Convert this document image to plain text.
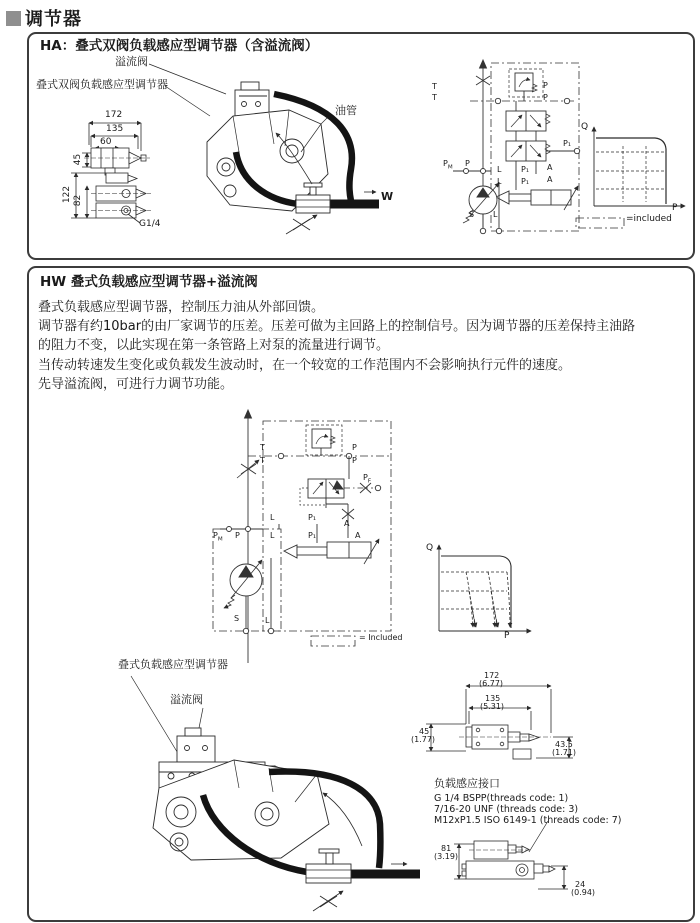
调节器
HA：叠式双阀负载感应型调节器（含溢流阀）
溢流阀
叠式双阀负载感应型调节器
油管
W
172
135
60
45
122 82
G1/4
T
T
P
P
P₁
L P₁ A
L P₁ A
$P_M$ P
S L
Q
P
=included
HW 叠式负载感应型调节器+溢流阀
叠式负载感应型调节器，控制压力油从外部回馈。
调节器有约10bar的由厂家调节的压差。压差可做为主回路上的控制信号。因为调节器的压差保持主油路
的阻力不变，以此实现在第一条管路上对泵的流量进行调节。
当传动转速发生变化或负载发生波动时，在一个较宽的工作范围内不会影响执行元件的速度。
先导溢流阀，可进行力调节功能。
T
T
P
P
$P_F$
L	P₁
A
L	P₁	A
$P_M$ P
S	L
= Included
Q
P
叠式负载感应型调节器
溢流阀
172
(6.77)
135
(5.31)
45
(1.77)
43.5
(1.71)
负载感应接口
G 1/4 BSPP(threads code: 1)
7/16-20 UNF (threads code: 3)
M12xP1.5 ISO 6149-1 (threads code: 7)
81
(3.19)
24
(0.94)
